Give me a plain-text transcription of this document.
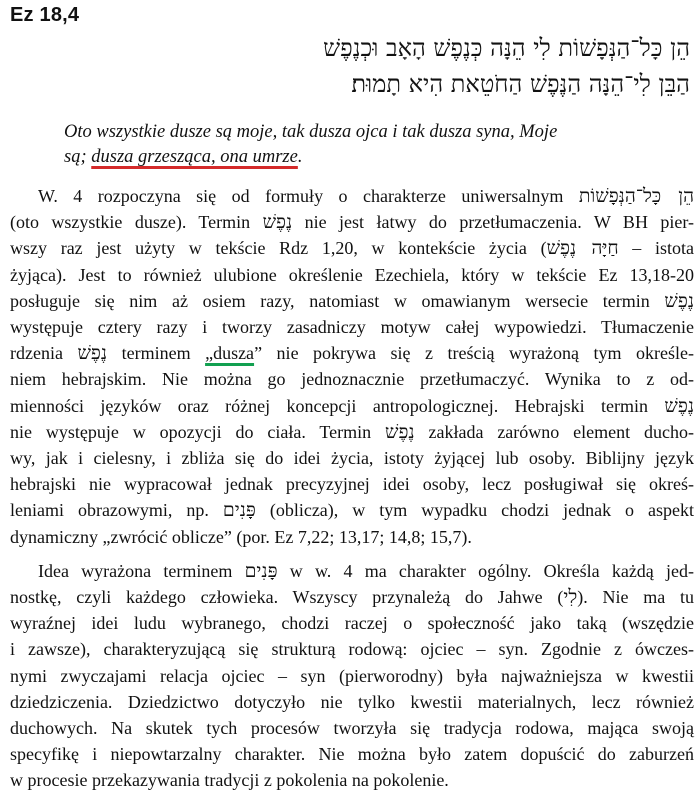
Ez 18,4
הֵן כָּל־הַנְּפָשׁוֹת לִי הֵנָּה כְּנֶפֶשׁ הָאָב וּכְנֶפֶשׁ
הַבֵּן לִי־הֵנָּה הַנֶּפֶשׁ הַחֹטֵאת הִיא תָמוּת׃
Oto wszystkie dusze są moje, tak dusza ojca i tak dusza syna, Moje
są; dusza grzesząca, ona umrze.
W. 4 rozpoczyna się od formuły o charakterze uniwersalnym הֵן כָּל־הַנְּפָשׁוֹת
(oto wszystkie dusze). Termin נֶפֶשׁ nie jest łatwy do przetłumaczenia. W BH pier-
wszy raz jest użyty w tekście Rdz 1,20, w kontekście życia (חַיָּה נֶפֶשׁ – istota
żyjąca). Jest to również ulubione określenie Ezechiela, który w tekście Ez 13,18-20
posługuje się nim aż osiem razy, natomiast w omawianym wersecie termin נֶפֶשׁ
występuje cztery razy i tworzy zasadniczy motyw całej wypowiedzi. Tłumaczenie
rdzenia נֶפֶשׁ terminem „dusza” nie pokrywa się z treścią wyrażoną tym określe-
niem hebrajskim. Nie można go jednoznacznie przetłumaczyć. Wynika to z od-
mienności języków oraz różnej koncepcji antropologicznej. Hebrajski termin נֶפֶשׁ
nie występuje w opozycji do ciała. Termin נֶפֶשׁ zakłada zarówno element ducho-
wy, jak i cielesny, i zbliża się do idei życia, istoty żyjącej lub osoby. Biblijny język
hebrajski nie wypracował jednak precyzyjnej idei osoby, lecz posługiwał się okreś-
leniami obrazowymi, np. פָּנִים (oblicza), w tym wypadku chodzi jednak o aspekt
dynamiczny „zwrócić oblicze” (por. Ez 7,22; 13,17; 14,8; 15,7).
Idea wyrażona terminem פָּנִים w w. 4 ma charakter ogólny. Określa każdą jed-
nostkę, czyli każdego człowieka. Wszyscy przynależą do Jahwe (לִי). Nie ma tu
wyraźnej idei ludu wybranego, chodzi raczej o społeczność jako taką (wszędzie
i zawsze), charakteryzującą się strukturą rodową: ojciec – syn. Zgodnie z ówczes-
nymi zwyczajami relacja ojciec – syn (pierworodny) była najważniejsza w kwestii
dziedziczenia. Dziedzictwo dotyczyło nie tylko kwestii materialnych, lecz również
duchowych. Na skutek tych procesów tworzyła się tradycja rodowa, mająca swoją
specyfikę i niepowtarzalny charakter. Nie można było zatem dopuścić do zaburzeń
w procesie przekazywania tradycji z pokolenia na pokolenie.
